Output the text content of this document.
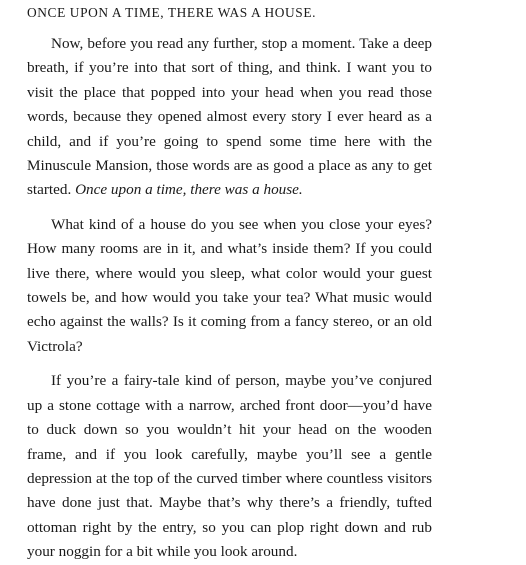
ONCE UPON A TIME, THERE WAS A HOUSE.

Now, before you read any further, stop a moment. Take a deep breath, if you’re into that sort of thing, and think. I want you to visit the place that popped into your head when you read those words, because they opened almost every story I ever heard as a child, and if you’re going to spend some time here with the Minuscule Mansion, those words are as good a place as any to get started. Once upon a time, there was a house.

What kind of a house do you see when you close your eyes? How many rooms are in it, and what’s inside them? If you could live there, where would you sleep, what color would your guest towels be, and how would you take your tea? What music would echo against the walls? Is it coming from a fancy stereo, or an old Victrola?

If you’re a fairy-tale kind of person, maybe you’ve conjured up a stone cottage with a narrow, arched front door—you’d have to duck down so you wouldn’t hit your head on the wooden frame, and if you look carefully, maybe you’ll see a gentle depression at the top of the curved timber where countless visitors have done just that. Maybe that’s why there’s a friendly, tufted ottoman right by the entry, so you can plop right down and rub your noggin for a bit while you look around.
